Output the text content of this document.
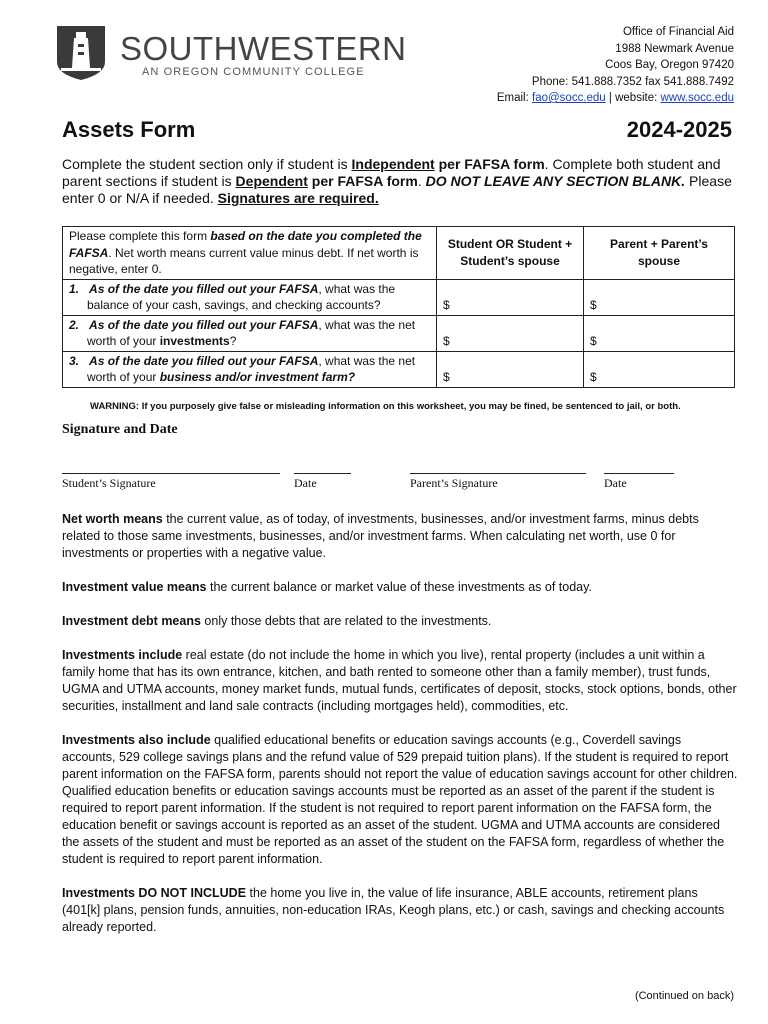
SOUTHWESTERN
AN OREGON COMMUNITY COLLEGE
Office of Financial Aid
1988 Newmark Avenue
Coos Bay, Oregon 97420
Phone: 541.888.7352 fax 541.888.7492
Email: fao@socc.edu | website: www.socc.edu
Assets Form	2024-2025
Complete the student section only if student is Independent per FAFSA form. Complete both student and parent sections if student is Dependent per FAFSA form. DO NOT LEAVE ANY SECTION BLANK. Please enter 0 or N/A if needed. Signatures are required.
Please complete this form based on the date you completed the FAFSA. Net worth means current value minus debt. If net worth is negative, enter 0.	Student OR Student + Student’s spouse	Parent + Parent’s spouse
1. As of the date you filled out your FAFSA, what was the balance of your cash, savings, and checking accounts?	$	$
2. As of the date you filled out your FAFSA, what was the net worth of your investments?	$	$
3. As of the date you filled out your FAFSA, what was the net worth of your business and/or investment farm?	$	$
WARNING: If you purposely give false or misleading information on this worksheet, you may be fined, be sentenced to jail, or both.
Signature and Date
Student’s Signature	Date	Parent’s Signature	Date

Net worth means the current value, as of today, of investments, businesses, and/or investment farms, minus debts related to those same investments, businesses, and/or investment farms. When calculating net worth, use 0 for investments or properties with a negative value.

Investment value means the current balance or market value of these investments as of today.

Investment debt means only those debts that are related to the investments.

Investments include real estate (do not include the home in which you live), rental property (includes a unit within a family home that has its own entrance, kitchen, and bath rented to someone other than a family member), trust funds, UGMA and UTMA accounts, money market funds, mutual funds, certificates of deposit, stocks, stock options, bonds, other securities, installment and land sale contracts (including mortgages held), commodities, etc.

Investments also include qualified educational benefits or education savings accounts (e.g., Coverdell savings accounts, 529 college savings plans and the refund value of 529 prepaid tuition plans). If the student is required to report parent information on the FAFSA form, parents should not report the value of education savings account for other children. Qualified education benefits or education savings accounts must be reported as an asset of the parent if the student is required to report parent information. If the student is not required to report parent information on the FAFSA form, the education benefit or savings account is reported as an asset of the student. UGMA and UTMA accounts are considered the assets of the student and must be reported as an asset of the student on the FAFSA form, regardless of whether the student is required to report parent information.

Investments DO NOT INCLUDE the home you live in, the value of life insurance, ABLE accounts, retirement plans (401[k] plans, pension funds, annuities, non-education IRAs, Keogh plans, etc.) or cash, savings and checking accounts already reported.

(Continued on back)
